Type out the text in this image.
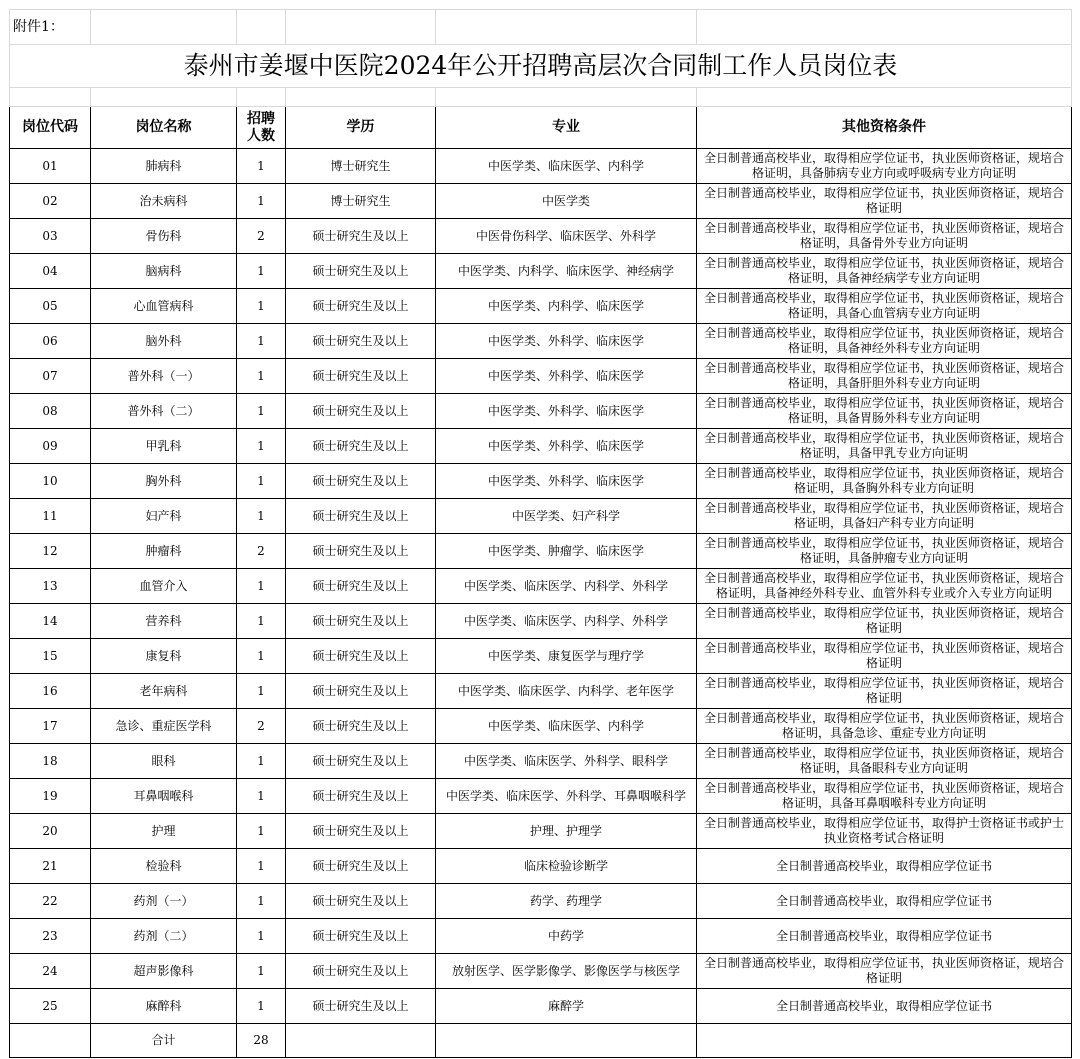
附件1：					
泰州市姜堰中医院2024年公开招聘高层次合同制工作人员岗位表					

岗位代码	岗位名称	招聘人数	学历	专业	其他资格条件
01	肺病科	1	博士研究生	中医学类、临床医学、内科学	全日制普通高校毕业，取得相应学位证书，执业医师资格证，规培合格证明，具备肺病专业方向或呼吸病专业方向证明
02	治未病科	1	博士研究生	中医学类	全日制普通高校毕业，取得相应学位证书，执业医师资格证，规培合格证明
03	骨伤科	2	硕士研究生及以上	中医骨伤科学、临床医学、外科学	全日制普通高校毕业，取得相应学位证书，执业医师资格证，规培合格证明，具备骨外专业方向证明
04	脑病科	1	硕士研究生及以上	中医学类、内科学、临床医学、神经病学	全日制普通高校毕业，取得相应学位证书，执业医师资格证，规培合格证明，具备神经病学专业方向证明
05	心血管病科	1	硕士研究生及以上	中医学类、内科学、临床医学	全日制普通高校毕业，取得相应学位证书，执业医师资格证，规培合格证明，具备心血管病专业方向证明
06	脑外科	1	硕士研究生及以上	中医学类、外科学、临床医学	全日制普通高校毕业，取得相应学位证书，执业医师资格证，规培合格证明，具备神经外科专业方向证明
07	普外科（一）	1	硕士研究生及以上	中医学类、外科学、临床医学	全日制普通高校毕业，取得相应学位证书，执业医师资格证，规培合格证明，具备肝胆外科专业方向证明
08	普外科（二）	1	硕士研究生及以上	中医学类、外科学、临床医学	全日制普通高校毕业，取得相应学位证书，执业医师资格证，规培合格证明，具备胃肠外科专业方向证明
09	甲乳科	1	硕士研究生及以上	中医学类、外科学、临床医学	全日制普通高校毕业，取得相应学位证书，执业医师资格证，规培合格证明，具备甲乳专业方向证明
10	胸外科	1	硕士研究生及以上	中医学类、外科学、临床医学	全日制普通高校毕业，取得相应学位证书，执业医师资格证，规培合格证明，具备胸外科专业方向证明
11	妇产科	1	硕士研究生及以上	中医学类、妇产科学	全日制普通高校毕业，取得相应学位证书，执业医师资格证，规培合格证明，具备妇产科专业方向证明
12	肿瘤科	2	硕士研究生及以上	中医学类、肿瘤学、临床医学	全日制普通高校毕业，取得相应学位证书，执业医师资格证，规培合格证明，具备肿瘤专业方向证明
13	血管介入	1	硕士研究生及以上	中医学类、临床医学、内科学、外科学	全日制普通高校毕业，取得相应学位证书，执业医师资格证，规培合格证明，具备神经外科专业、血管外科专业或介入专业方向证明
14	营养科	1	硕士研究生及以上	中医学类、临床医学、内科学、外科学	全日制普通高校毕业，取得相应学位证书，执业医师资格证，规培合格证明
15	康复科	1	硕士研究生及以上	中医学类、康复医学与理疗学	全日制普通高校毕业，取得相应学位证书，执业医师资格证，规培合格证明
16	老年病科	1	硕士研究生及以上	中医学类、临床医学、内科学、老年医学	全日制普通高校毕业，取得相应学位证书，执业医师资格证，规培合格证明
17	急诊、重症医学科	2	硕士研究生及以上	中医学类、临床医学、内科学	全日制普通高校毕业，取得相应学位证书，执业医师资格证，规培合格证明，具备急诊、重症专业方向证明
18	眼科	1	硕士研究生及以上	中医学类、临床医学、外科学、眼科学	全日制普通高校毕业，取得相应学位证书，执业医师资格证，规培合格证明，具备眼科专业方向证明
19	耳鼻咽喉科	1	硕士研究生及以上	中医学类、临床医学、外科学、耳鼻咽喉科学	全日制普通高校毕业，取得相应学位证书，执业医师资格证，规培合格证明，具备耳鼻咽喉科专业方向证明
20	护理	1	硕士研究生及以上	护理、护理学	全日制普通高校毕业，取得相应学位证书，取得护士资格证书或护士执业资格考试合格证明
21	检验科	1	硕士研究生及以上	临床检验诊断学	全日制普通高校毕业，取得相应学位证书
22	药剂（一）	1	硕士研究生及以上	药学、药理学	全日制普通高校毕业，取得相应学位证书
23	药剂（二）	1	硕士研究生及以上	中药学	全日制普通高校毕业，取得相应学位证书
24	超声影像科	1	硕士研究生及以上	放射医学、医学影像学、影像医学与核医学	全日制普通高校毕业，取得相应学位证书，执业医师资格证，规培合格证明
25	麻醉科	1	硕士研究生及以上	麻醉学	全日制普通高校毕业，取得相应学位证书
	合计	28			
